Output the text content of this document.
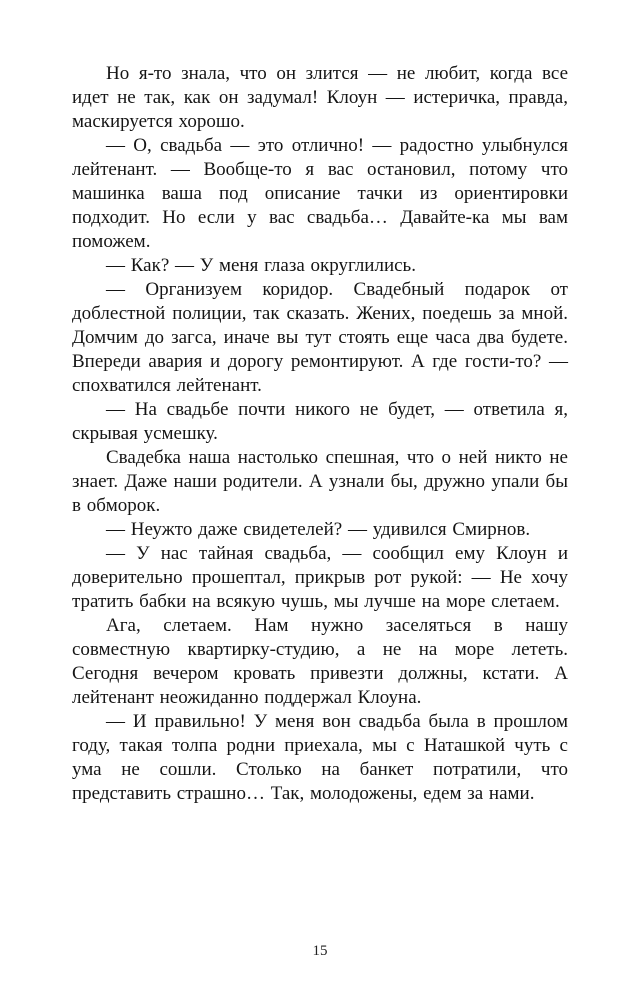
Но я-то знала, что он злится — не любит, когда все идет не так, как он задумал! Клоун — истеричка, правда, маскируется хорошо.

— О, свадьба — это отлично! — радостно улыбнулся лейтенант. — Вообще-то я вас остановил, потому что машинка ваша под описание тачки из ориентировки подходит. Но если у вас свадьба… Давайте-ка мы вам поможем.

— Как? — У меня глаза округлились.

— Организуем коридор. Свадебный подарок от доблестной полиции, так сказать. Жених, поедешь за мной. Домчим до загса, иначе вы тут стоять еще часа два будете. Впереди авария и дорогу ремонтируют. А где гости-то? — спохватился лейтенант.

— На свадьбе почти никого не будет, — ответила я, скрывая усмешку.

Свадебка наша настолько спешная, что о ней никто не знает. Даже наши родители. А узнали бы, дружно упали бы в обморок.

— Неужто даже свидетелей? — удивился Смирнов.

— У нас тайная свадьба, — сообщил ему Клоун и доверительно прошептал, прикрыв рот рукой: — Не хочу тратить бабки на всякую чушь, мы лучше на море слетаем.

Ага, слетаем. Нам нужно заселяться в нашу совместную квартирку-студию, а не на море лететь. Сегодня вечером кровать привезти должны, кстати. А лейтенант неожиданно поддержал Клоуна.

— И правильно! У меня вон свадьба была в прошлом году, такая толпа родни приехала, мы с Наташкой чуть с ума не сошли. Столько на банкет потратили, что представить страшно… Так, молодожены, едем за нами.

15
